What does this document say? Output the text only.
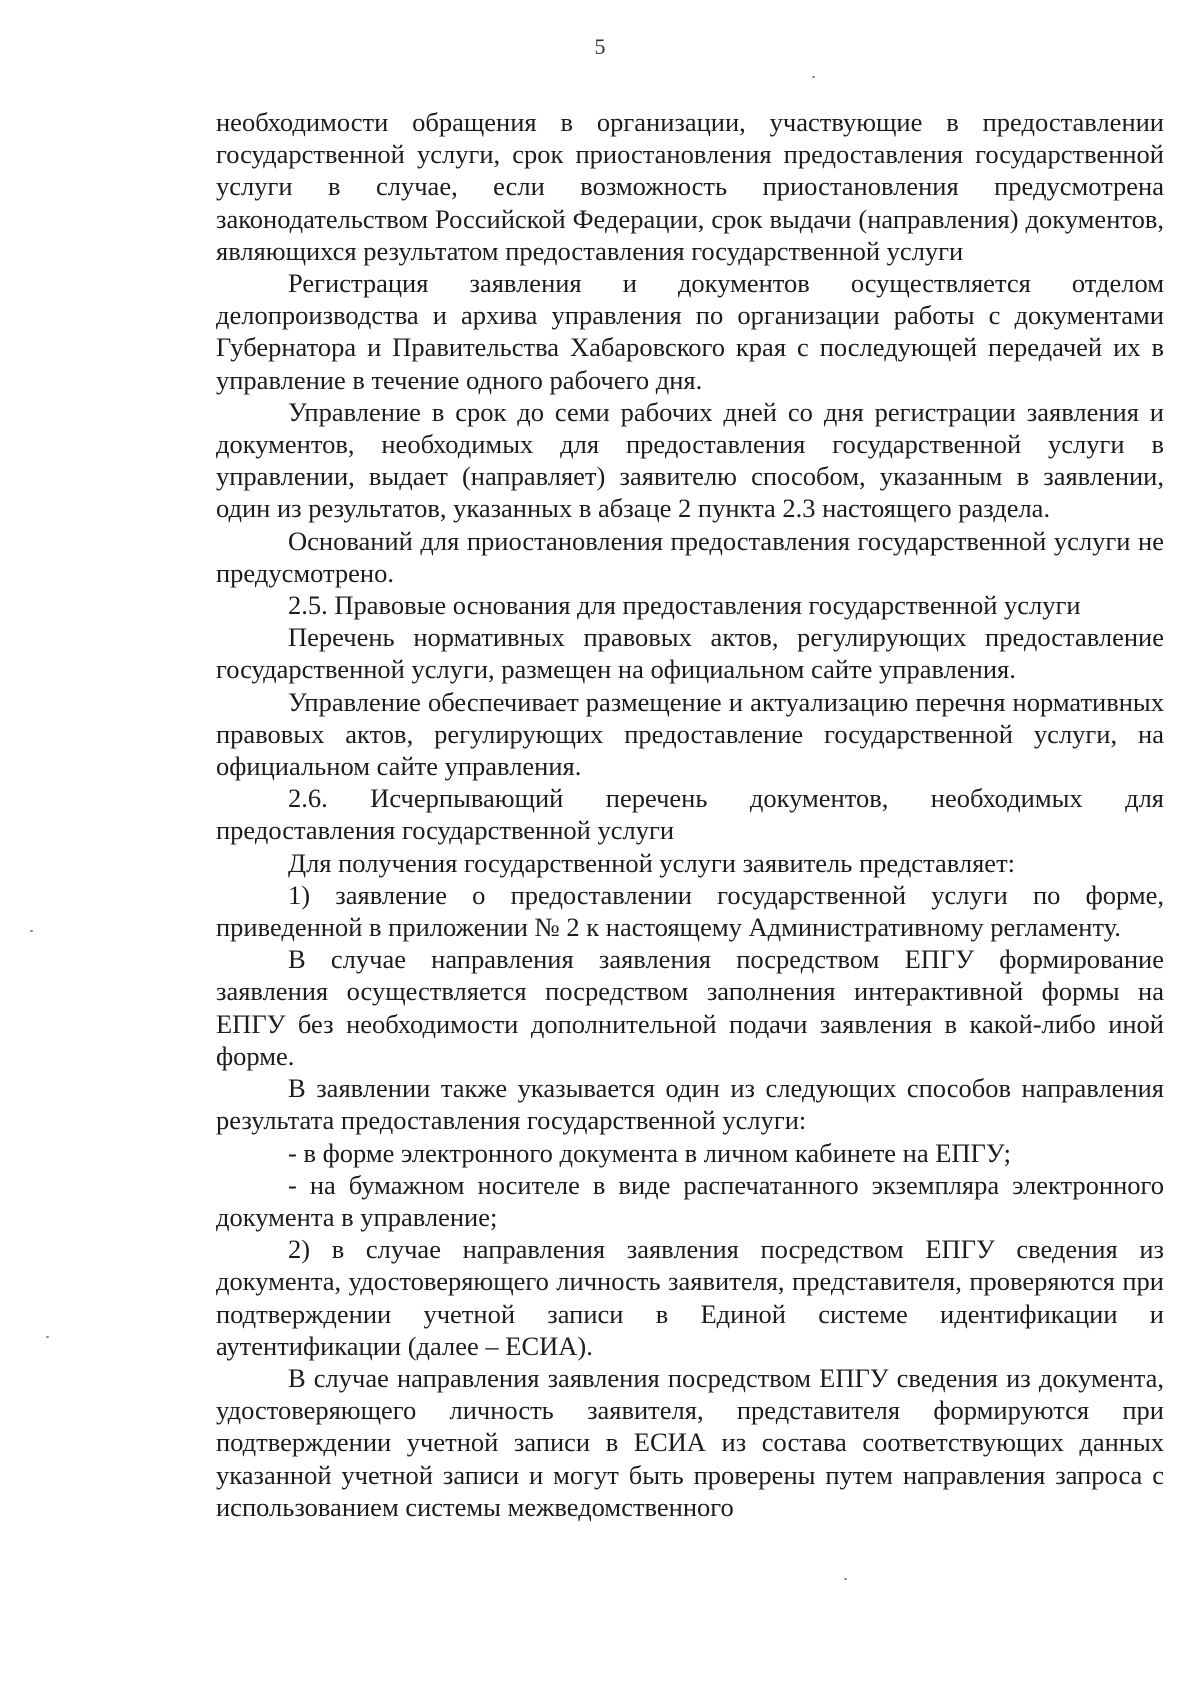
5

необходимости обращения в организации, участвующие в предоставлении государственной услуги, срок приостановления предоставления государственной услуги в случае, если возможность приостановления предусмотрена законодательством Российской Федерации, срок выдачи (направления) документов, являющихся результатом предоставления государственной услуги

Регистрация заявления и документов осуществляется отделом делопроизводства и архива управления по организации работы с документами Губернатора и Правительства Хабаровского края с последующей передачей их в управление в течение одного рабочего дня.

Управление в срок до семи рабочих дней со дня регистрации заявления и документов, необходимых для предоставления государственной услуги в управлении, выдает (направляет) заявителю способом, указанным в заявлении, один из результатов, указанных в абзаце 2 пункта 2.3 настоящего раздела.

Оснований для приостановления предоставления государственной услуги не предусмотрено.

2.5. Правовые основания для предоставления государственной услуги

Перечень нормативных правовых актов, регулирующих предоставление государственной услуги, размещен на официальном сайте управления.

Управление обеспечивает размещение и актуализацию перечня нормативных правовых актов, регулирующих предоставление государственной услуги, на официальном сайте управления.

2.6. Исчерпывающий перечень документов, необходимых для предоставления государственной услуги

Для получения государственной услуги заявитель представляет:

1) заявление о предоставлении государственной услуги по форме, приведенной в приложении № 2 к настоящему Административному регламенту.

В случае направления заявления посредством ЕПГУ формирование заявления осуществляется посредством заполнения интерактивной формы на ЕПГУ без необходимости дополнительной подачи заявления в какой-либо иной форме.

В заявлении также указывается один из следующих способов направления результата предоставления государственной услуги:

- в форме электронного документа в личном кабинете на ЕПГУ;

- на бумажном носителе в виде распечатанного экземпляра электронного документа в управление;

2) в случае направления заявления посредством ЕПГУ сведения из документа, удостоверяющего личность заявителя, представителя, проверяются при подтверждении учетной записи в Единой системе идентификации и аутентификации (далее – ЕСИА).

В случае направления заявления посредством ЕПГУ сведения из документа, удостоверяющего личность заявителя, представителя формируются при подтверждении учетной записи в ЕСИА из состава соответствующих данных указанной учетной записи и могут быть проверены путем направления запроса с использованием системы межведомственного
